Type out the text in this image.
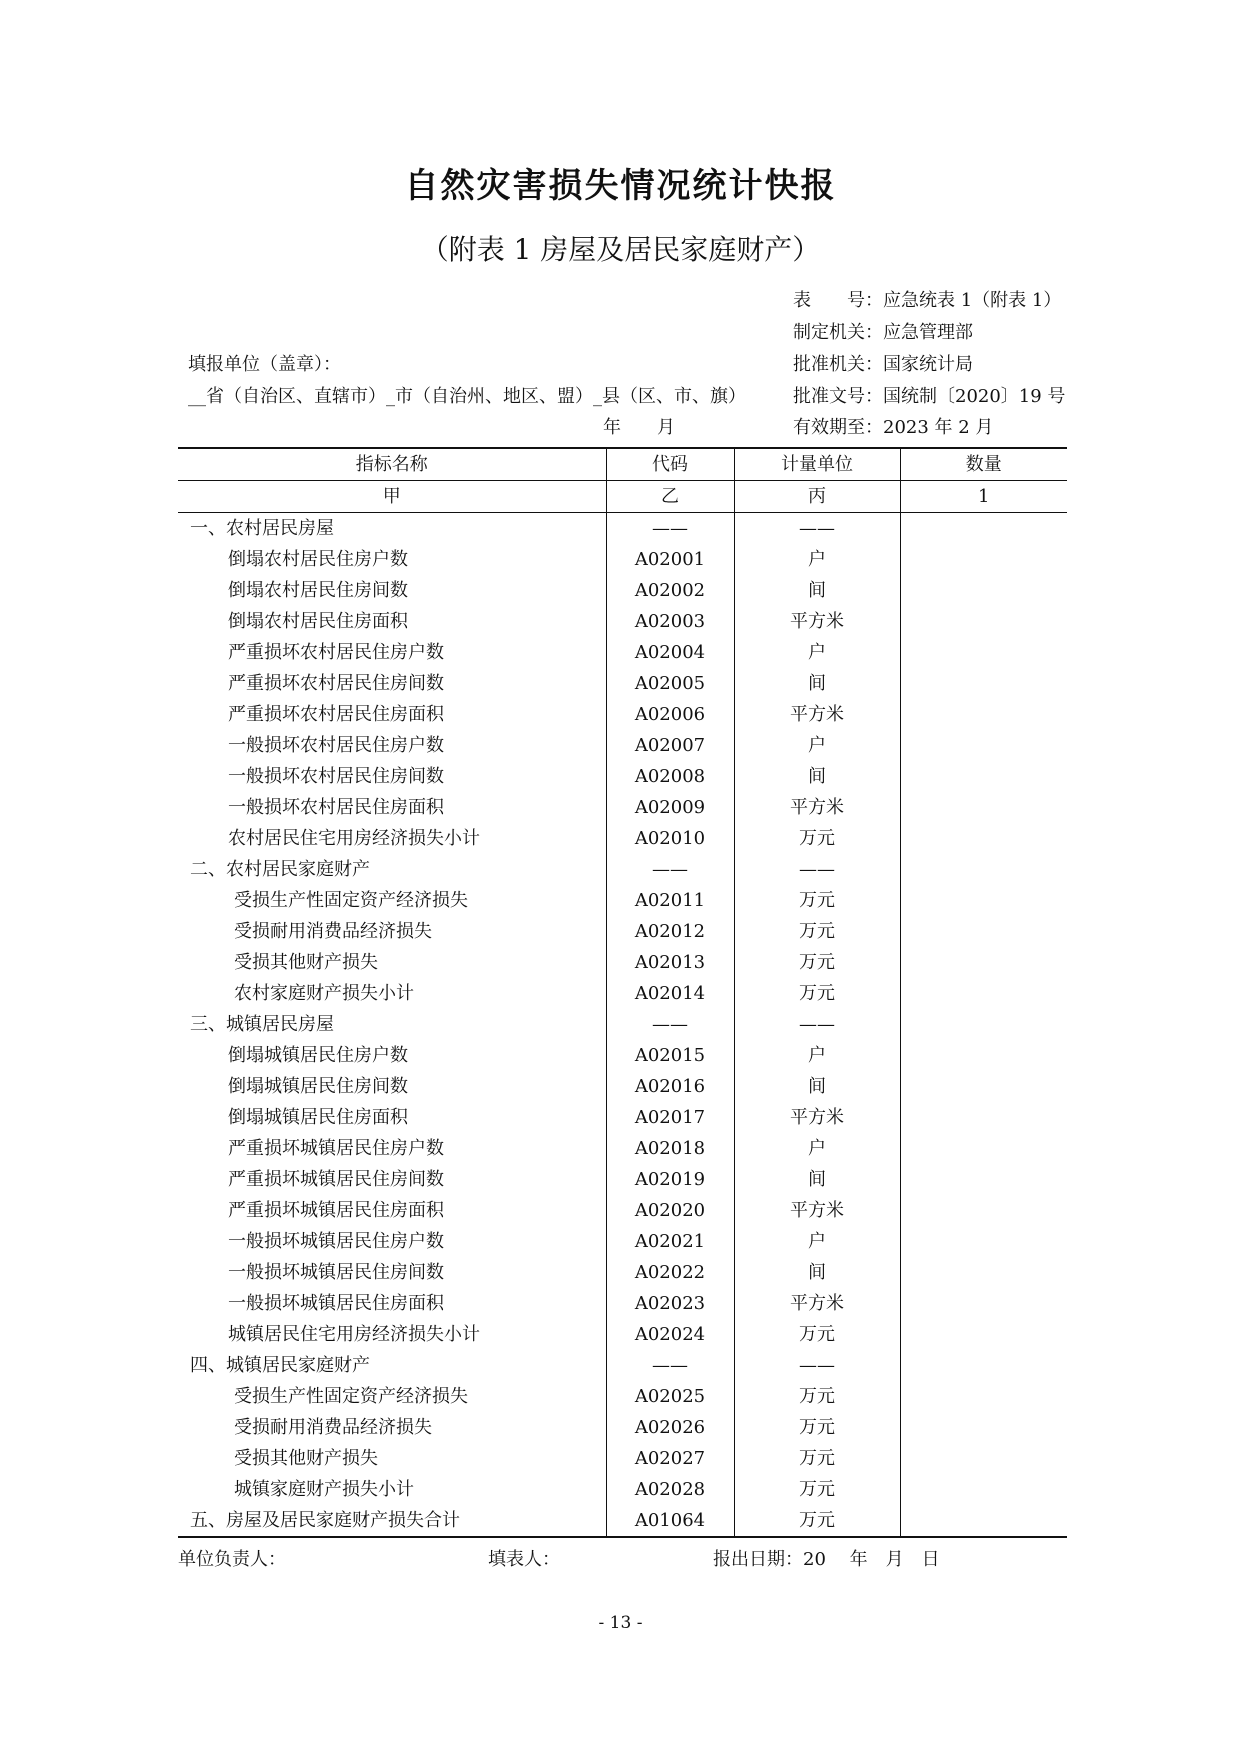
自然灾害损失情况统计快报
（附表 1 房屋及居民家庭财产）
表　　号：应急统表 1（附表 1）
制定机关：应急管理部
填报单位（盖章）：	批准机关：国家统计局
__省（自治区、直辖市）_市（自治州、地区、盟）_县（区、市、旗）	批准文号：国统制〔2020〕19 号
年　　月	有效期至：2023 年 2 月
指标名称	代码	计量单位	数量
甲	乙	丙	1
一、农村居民房屋	——	——	
倒塌农村居民住房户数	A02001	户	
倒塌农村居民住房间数	A02002	间	
倒塌农村居民住房面积	A02003	平方米	
严重损坏农村居民住房户数	A02004	户	
严重损坏农村居民住房间数	A02005	间	
严重损坏农村居民住房面积	A02006	平方米	
一般损坏农村居民住房户数	A02007	户	
一般损坏农村居民住房间数	A02008	间	
一般损坏农村居民住房面积	A02009	平方米	
农村居民住宅用房经济损失小计	A02010	万元	
二、农村居民家庭财产	——	——	
受损生产性固定资产经济损失	A02011	万元	
受损耐用消费品经济损失	A02012	万元	
受损其他财产损失	A02013	万元	
农村家庭财产损失小计	A02014	万元	
三、城镇居民房屋	——	——	
倒塌城镇居民住房户数	A02015	户	
倒塌城镇居民住房间数	A02016	间	
倒塌城镇居民住房面积	A02017	平方米	
严重损坏城镇居民住房户数	A02018	户	
严重损坏城镇居民住房间数	A02019	间	
严重损坏城镇居民住房面积	A02020	平方米	
一般损坏城镇居民住房户数	A02021	户	
一般损坏城镇居民住房间数	A02022	间	
一般损坏城镇居民住房面积	A02023	平方米	
城镇居民住宅用房经济损失小计	A02024	万元	
四、城镇居民家庭财产	——	——	
受损生产性固定资产经济损失	A02025	万元	
受损耐用消费品经济损失	A02026	万元	
受损其他财产损失	A02027	万元	
城镇家庭财产损失小计	A02028	万元	
五、房屋及居民家庭财产损失合计	A01064	万元	
单位负责人：	填表人：	报出日期：20　 年　月　日
- 13 -
